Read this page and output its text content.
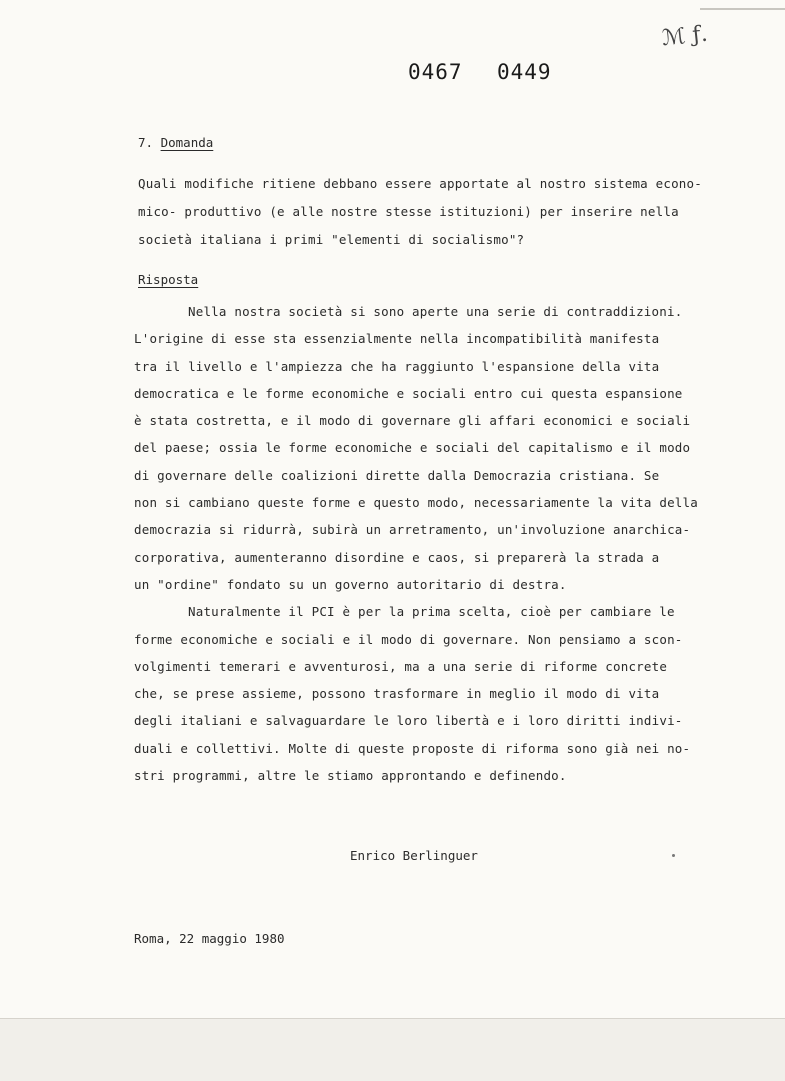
0467 0449
ℳ ƒ.
7. Domanda
Quali modifiche ritiene debbano essere apportate al nostro sistema econo-
mico- produttivo (e alle nostre stesse istituzioni) per inserire nella
società italiana i primi "elementi di socialismo"?
Risposta
Nella nostra società si sono aperte una serie di contraddizioni.
L'origine di esse sta essenzialmente nella incompatibilità manifesta
tra il livello e l'ampiezza che ha raggiunto l'espansione della vita
democratica e le forme economiche e sociali entro cui questa espansione
è stata costretta, e il modo di governare gli affari economici e sociali
del paese; ossia le forme economiche e sociali del capitalismo e il modo
di governare delle coalizioni dirette dalla Democrazia cristiana. Se
non si cambiano queste forme e questo modo, necessariamente la vita della
democrazia si ridurrà, subirà un arretramento, un'involuzione anarchica-
corporativa, aumenteranno disordine e caos, si preparerà la strada a
un "ordine" fondato su un governo autoritario di destra.
Naturalmente il PCI è per la prima scelta, cioè per cambiare le
forme economiche e sociali e il modo di governare. Non pensiamo a scon-
volgimenti temerari e avventurosi, ma a una serie di riforme concrete
che, se prese assieme, possono trasformare in meglio il modo di vita
degli italiani e salvaguardare le loro libertà e i loro diritti indivi-
duali e collettivi. Molte di queste proposte di riforma sono già nei no-
stri programmi, altre le stiamo approntando e definendo.
Enrico Berlinguer
Roma, 22 maggio 1980
